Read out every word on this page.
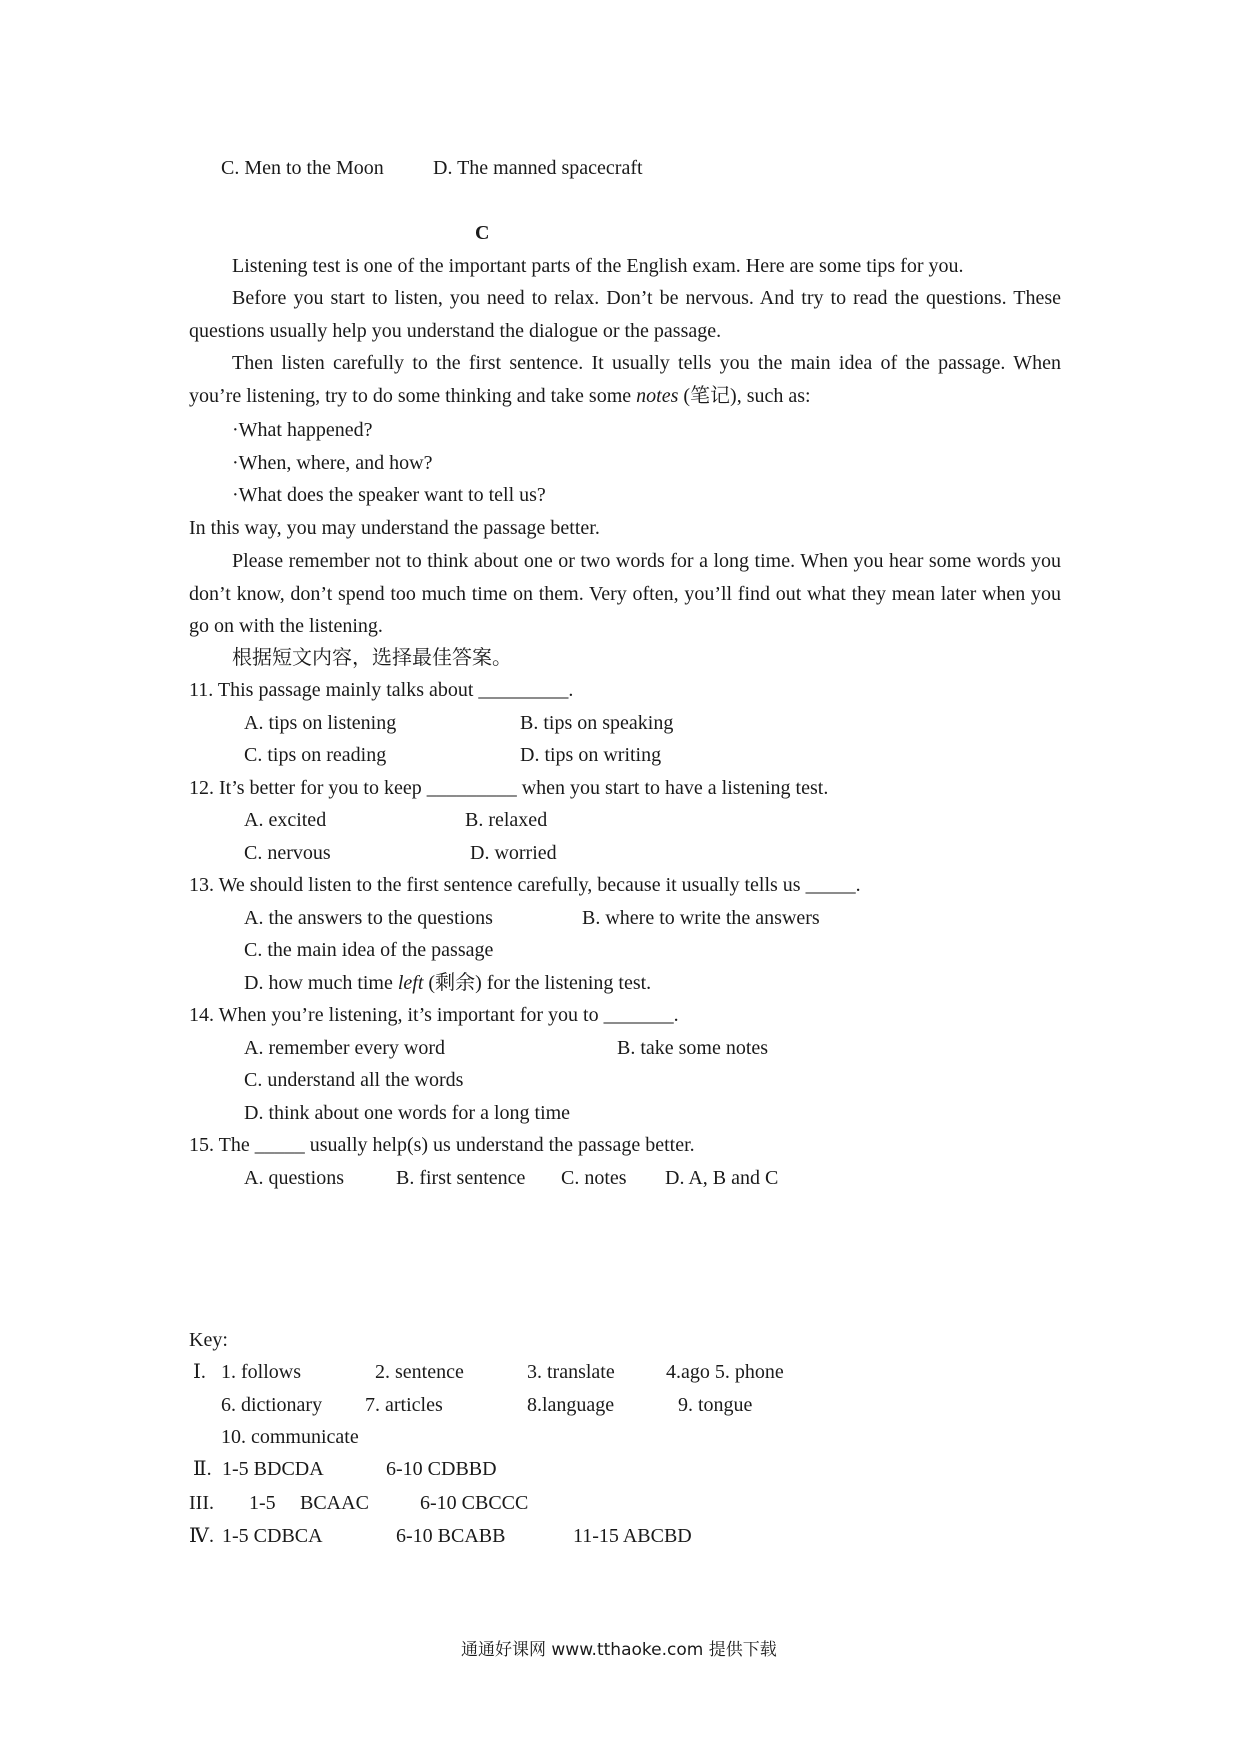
C. Men to the Moon D. The manned spacecraft
C
Listening test is one of the important parts of the English exam. Here are some tips for you.
Before you start to listen, you need to relax. Don’t be nervous. And try to read the questions. These questions usually help you understand the dialogue or the passage.
Then listen carefully to the first sentence. It usually tells you the main idea of the passage. When you’re listening, try to do some thinking and take some notes (笔记), such as:
·What happened?
·When, where, and how?
·What does the speaker want to tell us?
In this way, you may understand the passage better.
Please remember not to think about one or two words for a long time. When you hear some words you don’t know, don’t spend too much time on them. Very often, you’ll find out what they mean later when you go on with the listening.
根据短文内容，选择最佳答案。
11. This passage mainly talks about _________.
A. tips on listening	B. tips on speaking
C. tips on reading	D. tips on writing
12. It’s better for you to keep _________ when you start to have a listening test.
A. excited	B. relaxed
C. nervous	D. worried
13. We should listen to the first sentence carefully, because it usually tells us _____.
A. the answers to the questions	B. where to write the answers
C. the main idea of the passage
D. how much time left (剩余) for the listening test.
14. When you’re listening, it’s important for you to _______.
A. remember every word	B. take some notes
C. understand all the words
D. think about one words for a long time
15. The _____ usually help(s) us understand the passage better.
A. questions	B. first sentence C. notes D. A, B and C
Key:
Ⅰ. 1. follows	2. sentence	3. translate	4.ago 5. phone
6. dictionary 7. articles	8.language	9. tongue
10. communicate
Ⅱ. 1-5 BDCDA	6-10 CDBBD
III. 1-5 BCAAC	6-10 CBCCC
Ⅳ. 1-5 CDBCA	6-10 BCABB	11-15 ABCBD
通通好课网 www.tthaoke.com 提供下载
